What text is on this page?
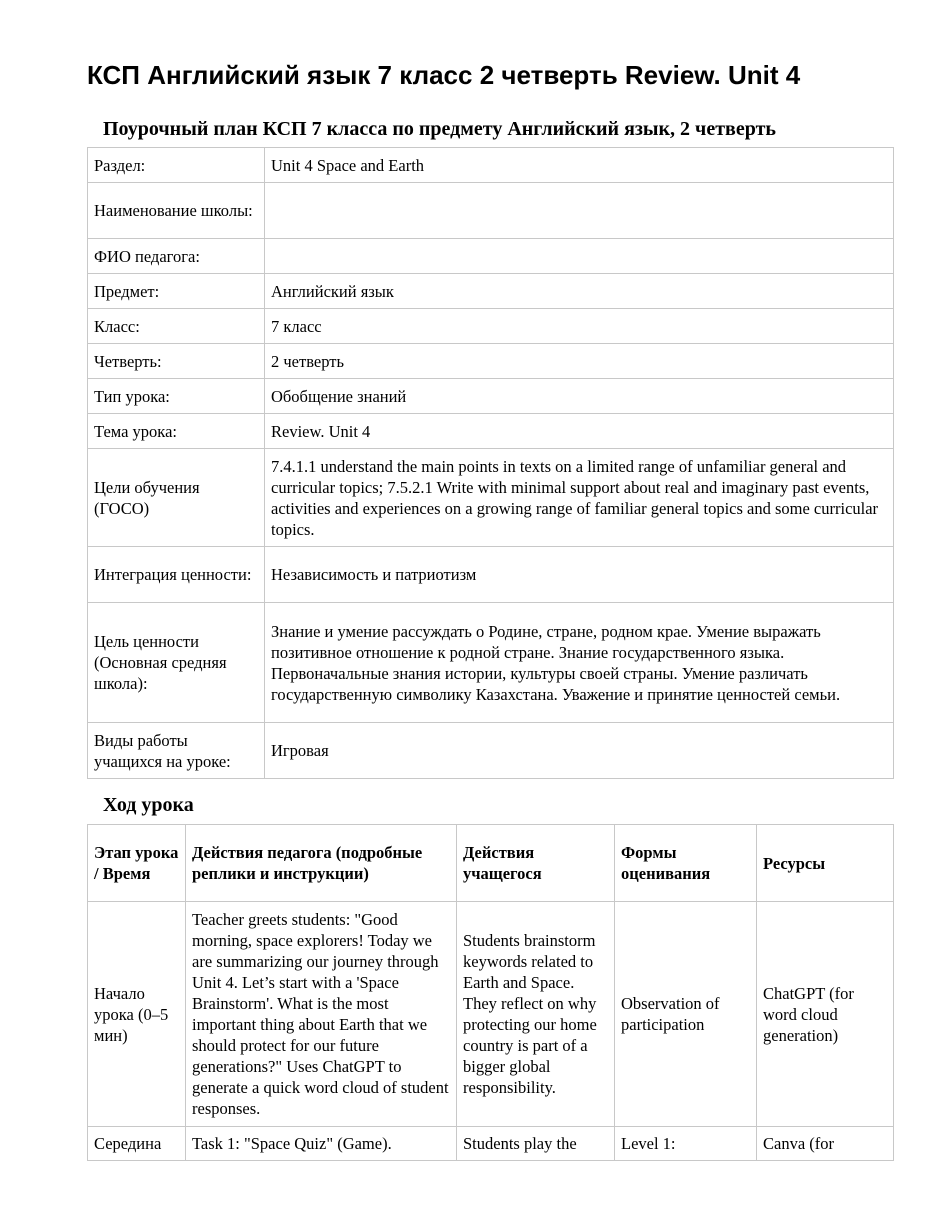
КСП Английский язык 7 класс 2 четверть Review. Unit 4
Поурочный план КСП 7 класса по предмету Английский язык, 2 четверть
Раздел:	Unit 4 Space and Earth
Наименование школы:	
ФИО педагога:	
Предмет:	Английский язык
Класс:	7 класс
Четверть:	2 четверть
Тип урока:	Обобщение знаний
Тема урока:	Review. Unit 4
Цели обучения (ГОСО)	7.4.1.1 understand the main points in texts on a limited range of unfamiliar general and curricular topics; 7.5.2.1 Write with minimal support about real and imaginary past events, activities and experiences on a growing range of familiar general topics and some curricular topics.
Интеграция ценности:	Независимость и патриотизм
Цель ценности (Основная средняя школа):	Знание и умение рассуждать о Родине, стране, родном крае. Умение выражать позитивное отношение к родной стране. Знание государственного языка. Первоначальные знания истории, культуры своей страны. Умение различать государственную символику Казахстана. Уважение и принятие ценностей семьи.
Виды работы учащихся на уроке:	Игровая
Ход урока
Этап урока / Время	Действия педагога (подробные реплики и инструкции)	Действия учащегося	Формы оценивания	Ресурсы
Начало урока (0–5 мин)	Teacher greets students: "Good morning, space explorers! Today we are summarizing our journey through Unit 4. Let’s start with a 'Space Brainstorm'. What is the most important thing about Earth that we should protect for our future generations?" Uses ChatGPT to generate a quick word cloud of student responses.	Students brainstorm keywords related to Earth and Space. They reflect on why protecting our home country is part of a bigger global responsibility.	Observation of participation	ChatGPT (for word cloud generation)
Середина	Task 1: "Space Quiz" (Game).	Students play the	Level 1:	Canva (for
